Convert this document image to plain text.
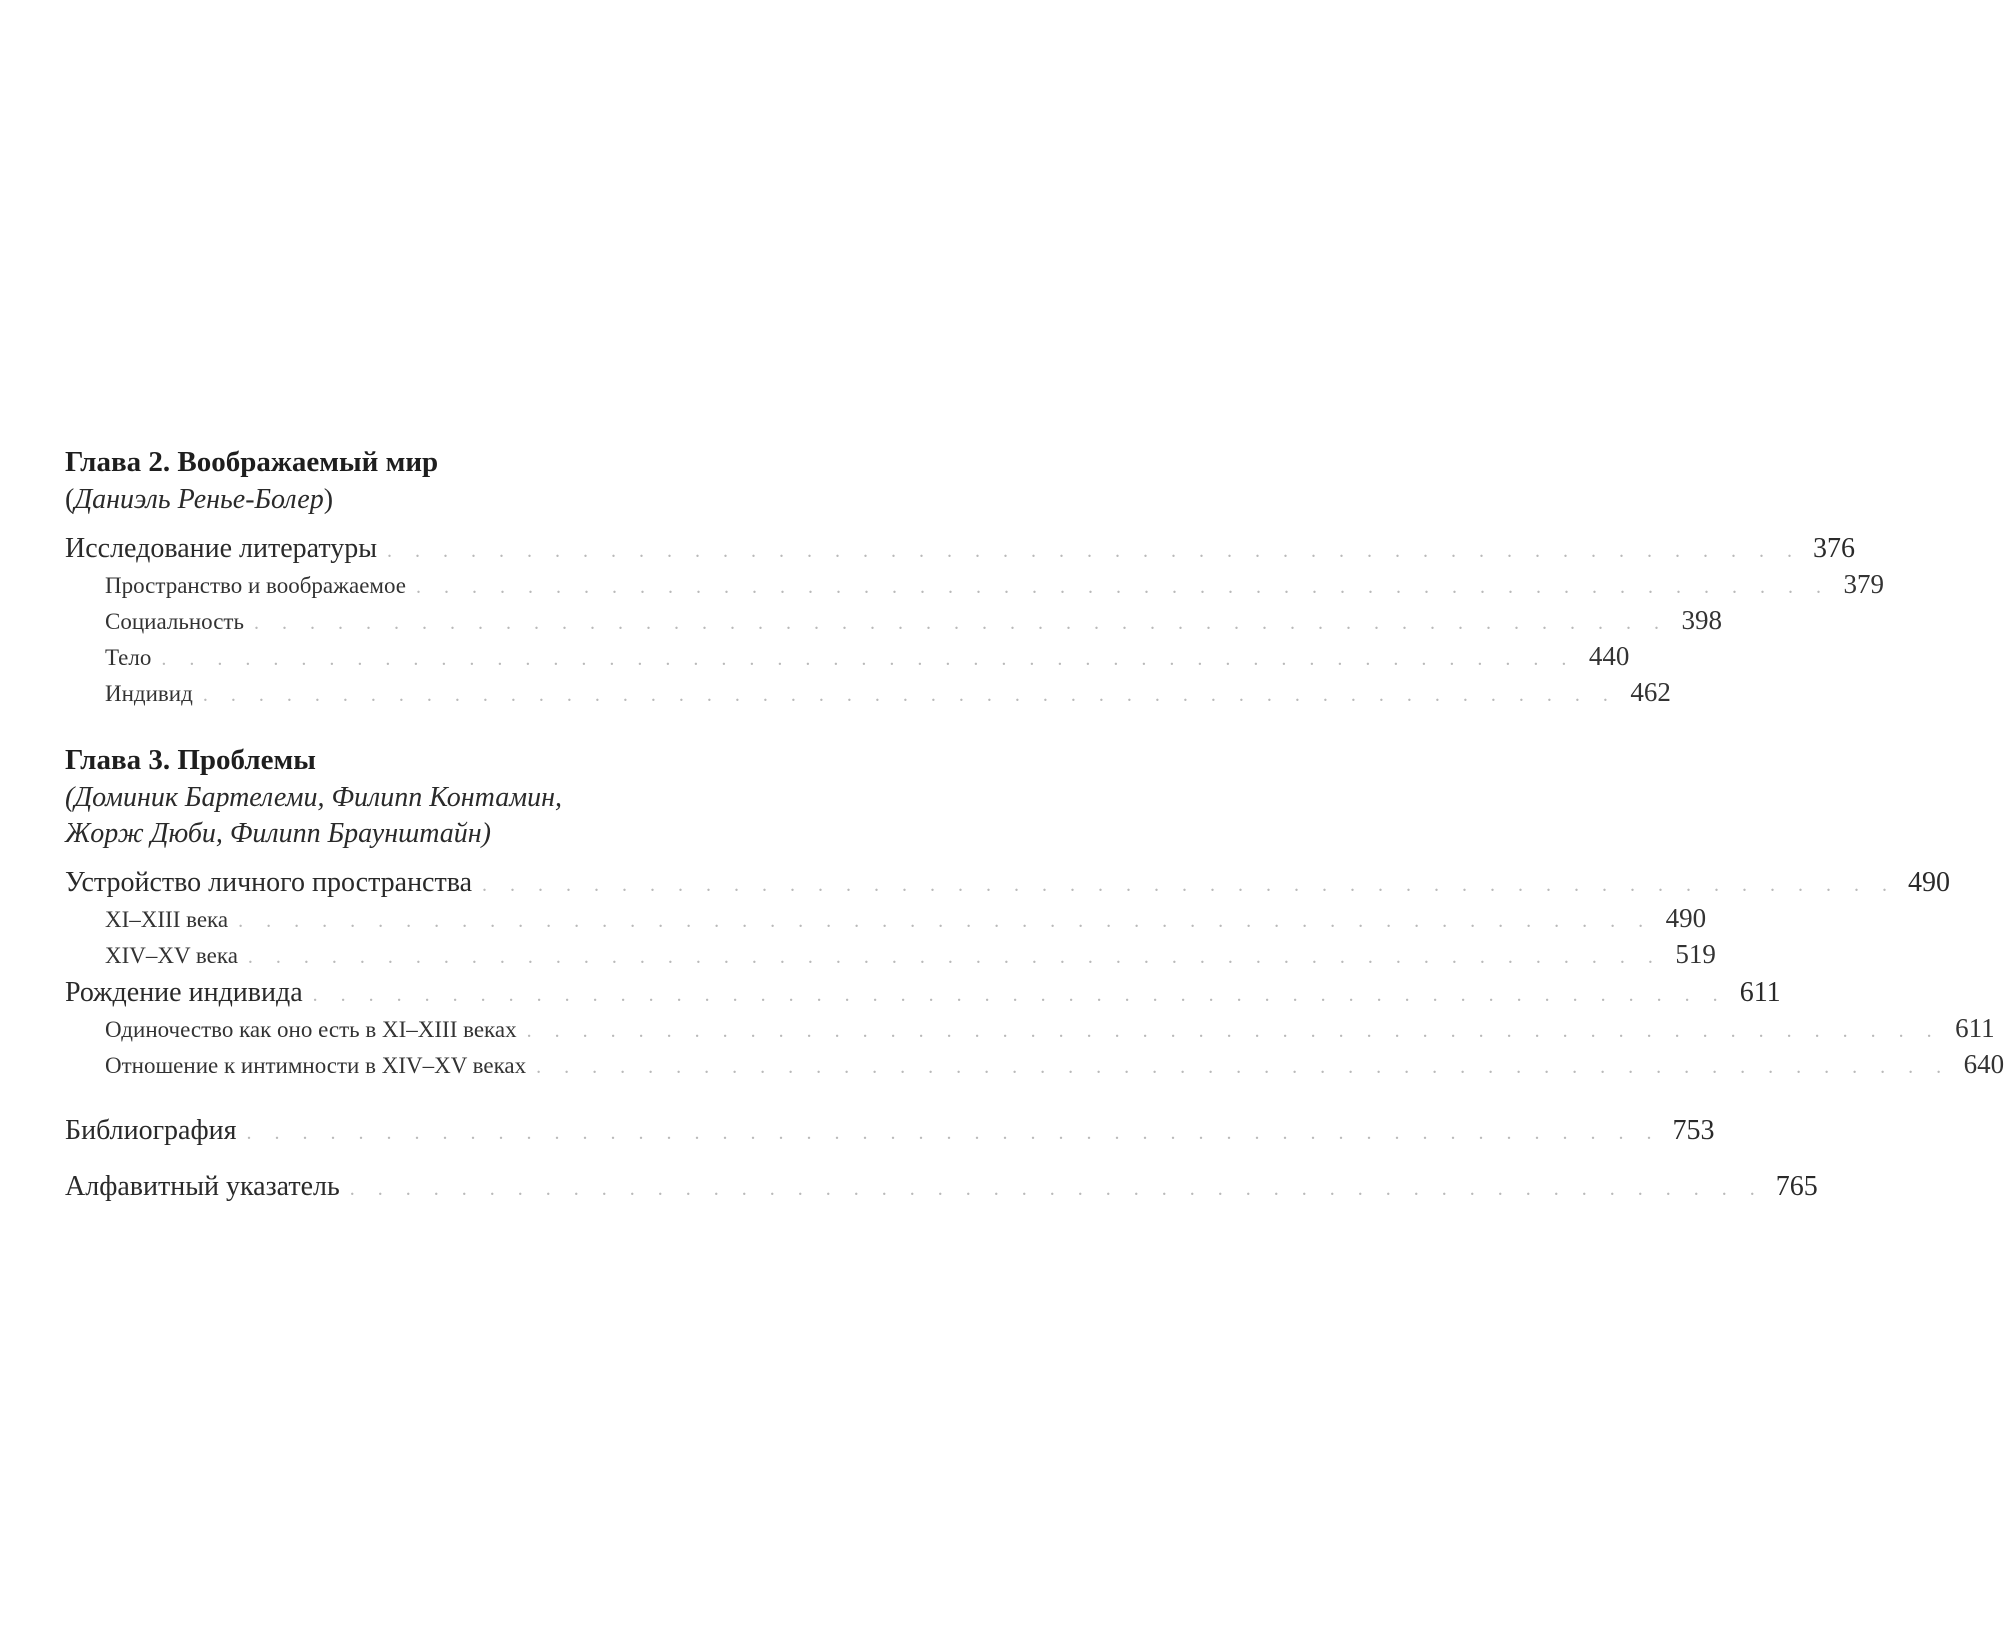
Глава 2. Воображаемый мир
(Даниэль Ренье-Болер)
Исследование литературы . . . . . . . . . . . . . . . . . . . . . . . . . . . . . . . . . . . . . . . . . . . . . . . . . . . 376
Пространство и воображаемое . . . . . . . . . . . . . . . . . . . . . . . . . . . . . . . . . . . . . . . . . . . . . . . . . . . 379
Социальность . . . . . . . . . . . . . . . . . . . . . . . . . . . . . . . . . . . . . . . . . . . . . . . . . . . 398
Тело . . . . . . . . . . . . . . . . . . . . . . . . . . . . . . . . . . . . . . . . . . . . . . . . . . . 440
Индивид . . . . . . . . . . . . . . . . . . . . . . . . . . . . . . . . . . . . . . . . . . . . . . . . . . . 462
Глава 3. Проблемы
(Доминик Бартелеми, Филипп Контамин,
Жорж Дюби, Филипп Браунштайн)
Устройство личного пространства . . . . . . . . . . . . . . . . . . . . . . . . . . . . . . . . . . . . . . . . . . . . . . . . . . . 490
XI–XIII века . . . . . . . . . . . . . . . . . . . . . . . . . . . . . . . . . . . . . . . . . . . . . . . . . . . 490
XIV–XV века . . . . . . . . . . . . . . . . . . . . . . . . . . . . . . . . . . . . . . . . . . . . . . . . . . . 519
Рождение индивида . . . . . . . . . . . . . . . . . . . . . . . . . . . . . . . . . . . . . . . . . . . . . . . . . . . 611
Одиночество как оно есть в XI–XIII веках . . . . . . . . . . . . . . . . . . . . . . . . . . . . . . . . . . . . . . . . . . . . . . . . . . . 611
Отношение к интимности в XIV–XV веках . . . . . . . . . . . . . . . . . . . . . . . . . . . . . . . . . . . . . . . . . . . . . . . . . . . 640
Библиография . . . . . . . . . . . . . . . . . . . . . . . . . . . . . . . . . . . . . . . . . . . . . . . . . . . 753
Алфавитный указатель . . . . . . . . . . . . . . . . . . . . . . . . . . . . . . . . . . . . . . . . . . . . . . . . . . . 765
